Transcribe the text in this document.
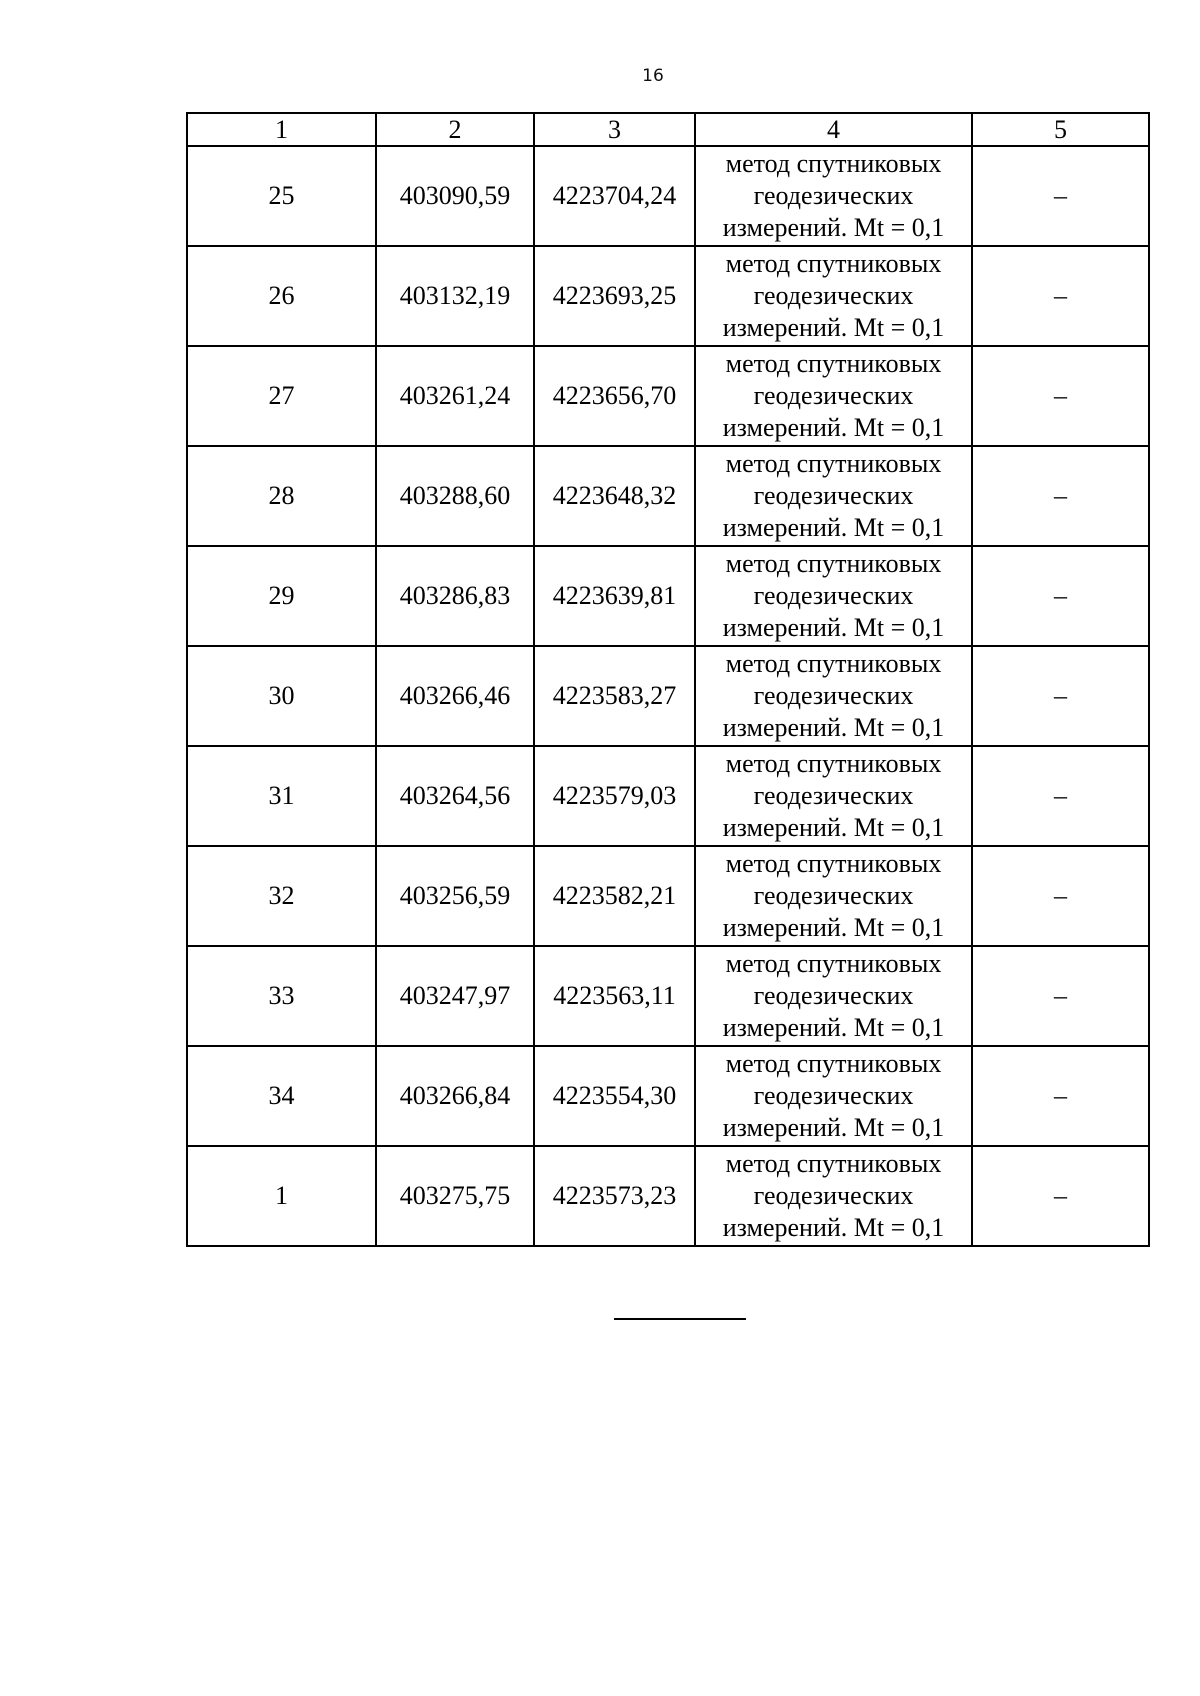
16
1	2	3	4	5
25	403090,59	4223704,24	метод спутниковых
геодезических
измерений. Mt = 0,1	–
26	403132,19	4223693,25	метод спутниковых
геодезических
измерений. Mt = 0,1	–
27	403261,24	4223656,70	метод спутниковых
геодезических
измерений. Mt = 0,1	–
28	403288,60	4223648,32	метод спутниковых
геодезических
измерений. Mt = 0,1	–
29	403286,83	4223639,81	метод спутниковых
геодезических
измерений. Mt = 0,1	–
30	403266,46	4223583,27	метод спутниковых
геодезических
измерений. Mt = 0,1	–
31	403264,56	4223579,03	метод спутниковых
геодезических
измерений. Mt = 0,1	–
32	403256,59	4223582,21	метод спутниковых
геодезических
измерений. Mt = 0,1	–
33	403247,97	4223563,11	метод спутниковых
геодезических
измерений. Mt = 0,1	–
34	403266,84	4223554,30	метод спутниковых
геодезических
измерений. Mt = 0,1	–
1	403275,75	4223573,23	метод спутниковых
геодезических
измерений. Mt = 0,1	–
